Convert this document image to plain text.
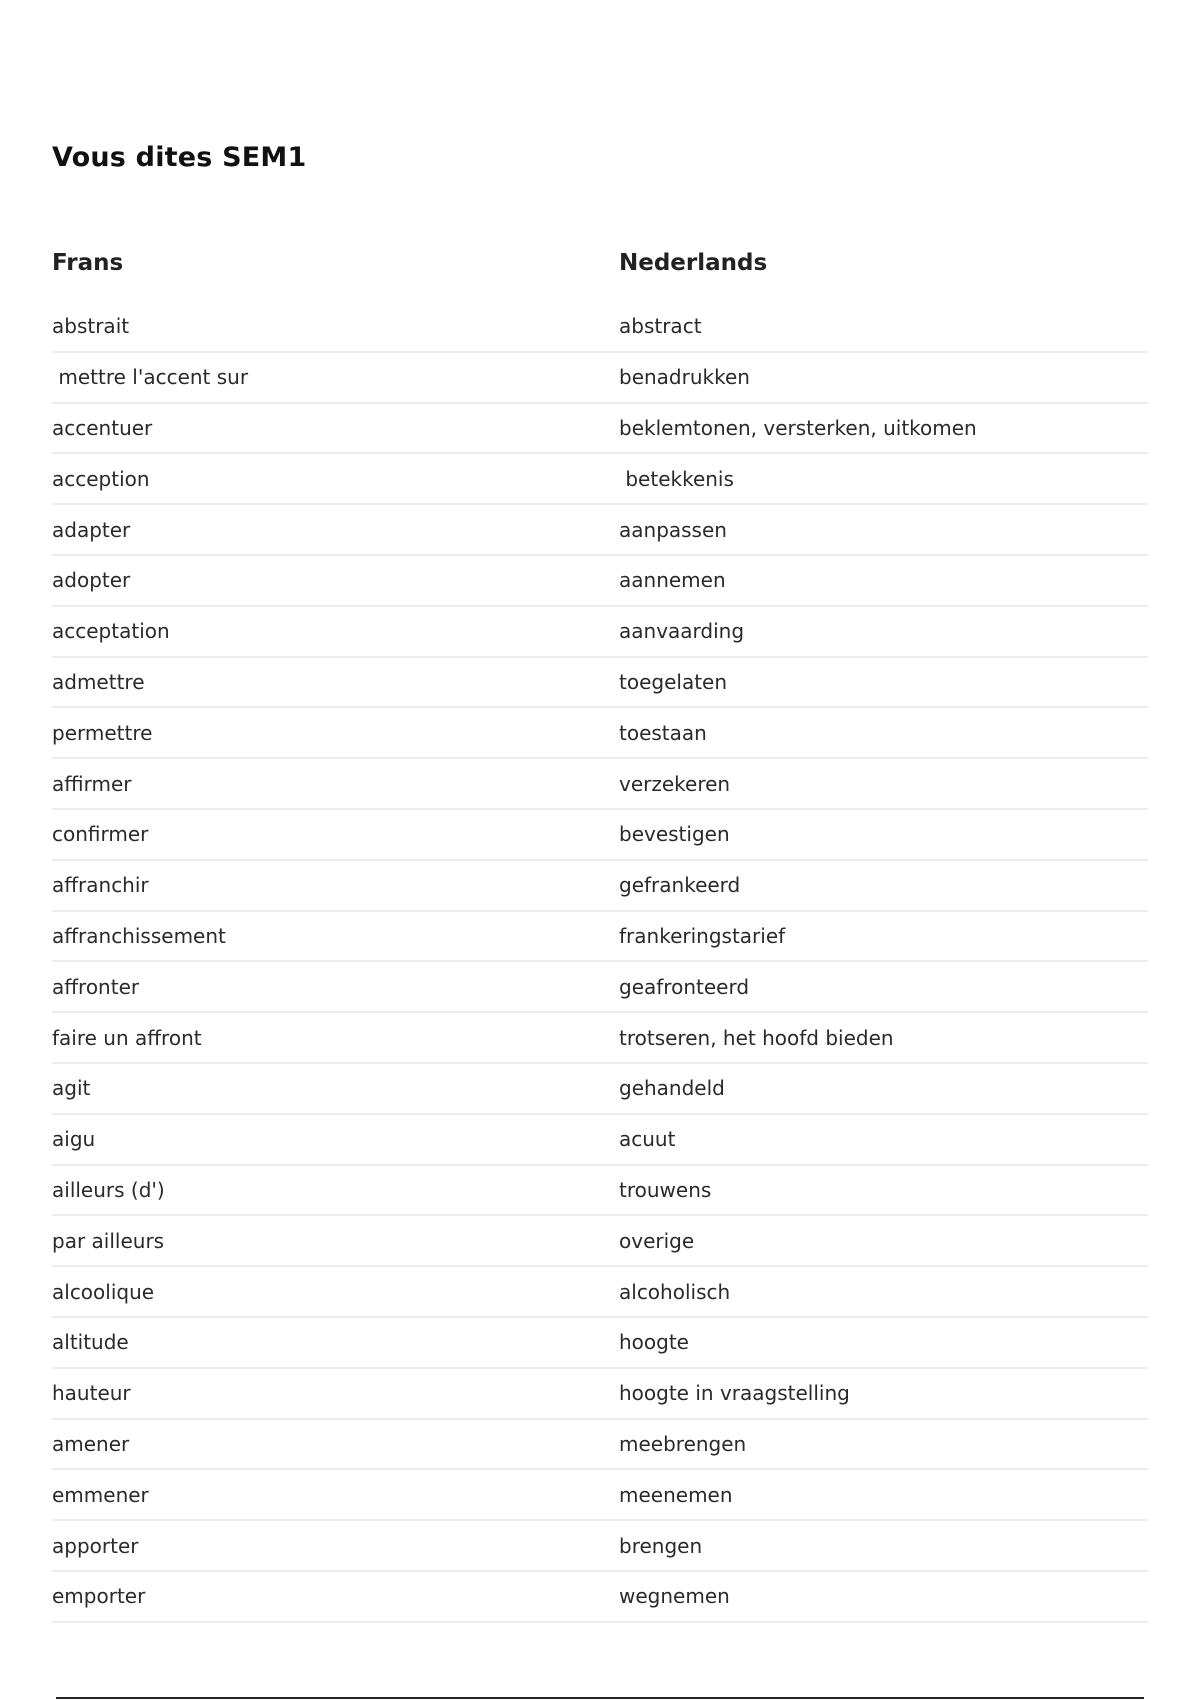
Vous dites SEM1
Frans	Nederlands
abstrait	abstract
mettre l'accent sur	benadrukken
accentuer	beklemtonen, versterken, uitkomen
acception	betekkenis
adapter	aanpassen
adopter	aannemen
acceptation	aanvaarding
admettre	toegelaten
permettre	toestaan
affirmer	verzekeren
confirmer	bevestigen
affranchir	gefrankeerd
affranchissement	frankeringstarief
affronter	geafronteerd
faire un affront	trotseren, het hoofd bieden
agit	gehandeld
aigu	acuut
ailleurs (d')	trouwens
par ailleurs	overige
alcoolique	alcoholisch
altitude	hoogte
hauteur	hoogte in vraagstelling
amener	meebrengen
emmener	meenemen
apporter	brengen
emporter	wegnemen
